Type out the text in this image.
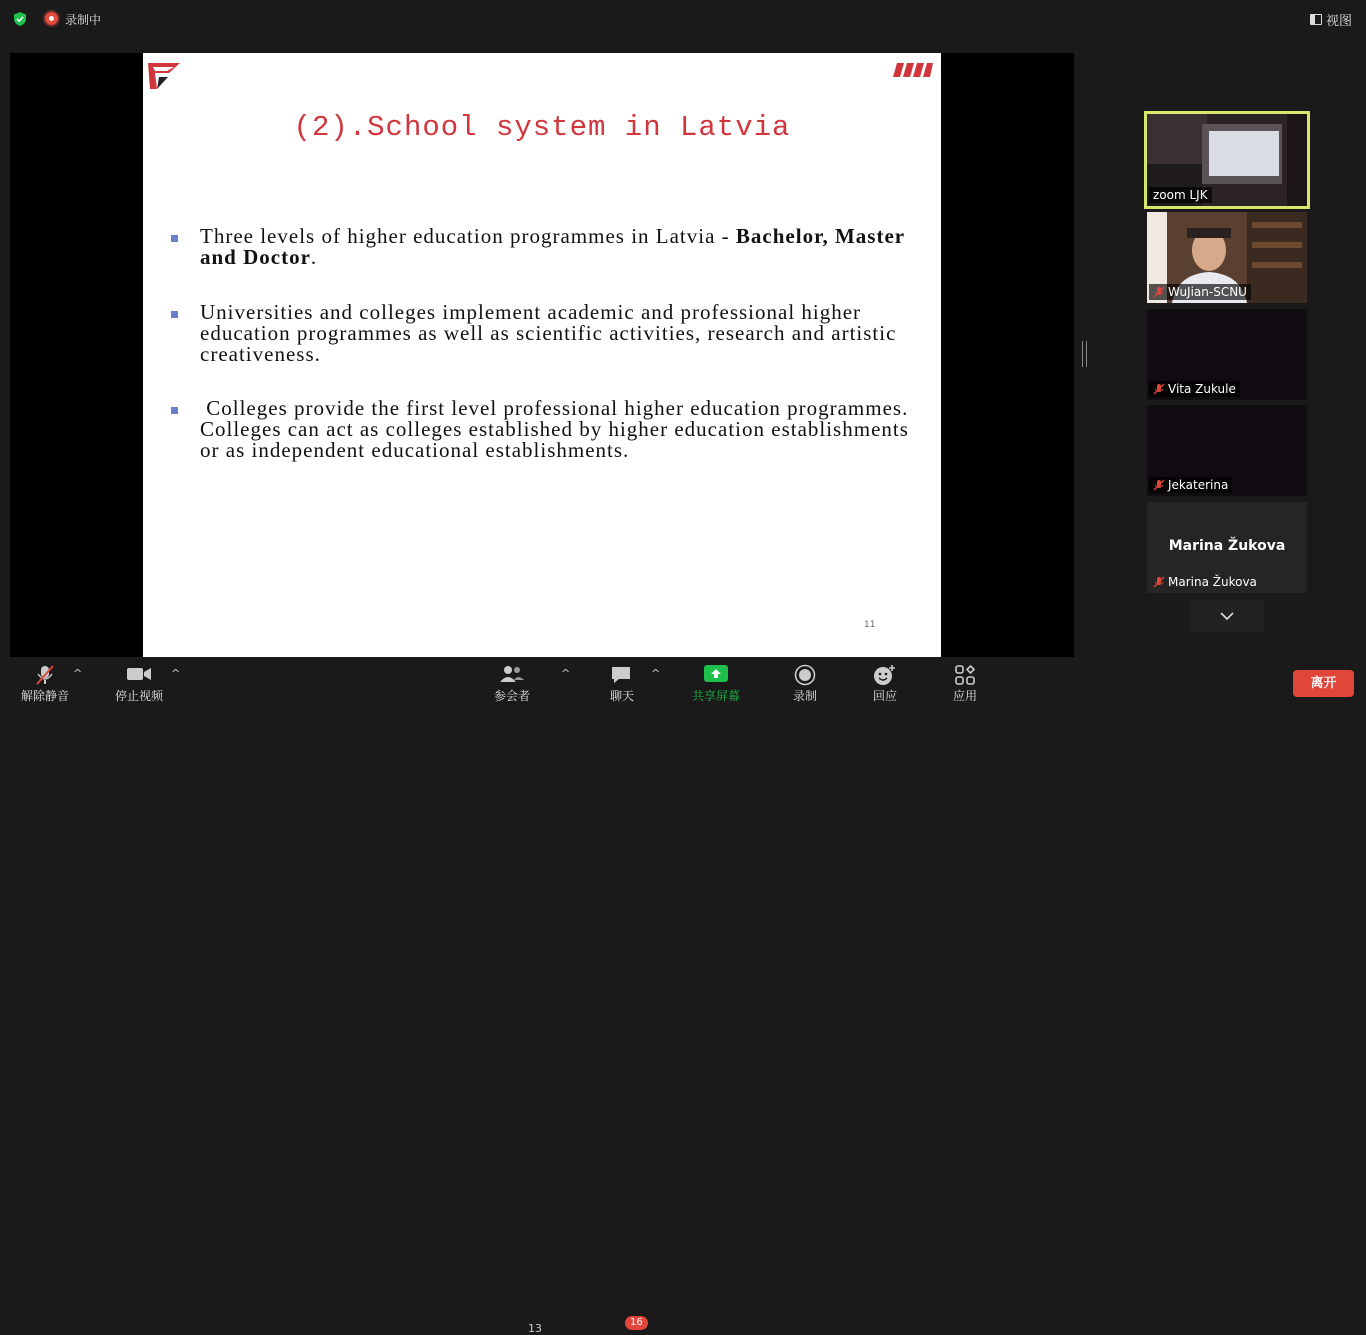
录制中	视图
(2).School system in Latvia
Three levels of higher education programmes in Latvia - Bachelor, Master and Doctor.
Universities and colleges implement academic and professional higher education programmes as well as scientific activities, research and artistic creativeness.
Colleges provide the first level professional higher education programmes. Colleges can act as colleges established by higher education establishments or as independent educational establishments.
11
zoom LJK
WuJian-SCNU
Vita Zukule
Jekaterina
Marina Žukova
Marina Žukova
解除静音
^
停止视频
^
参会者
13
^
聊天
16
^
共享屏幕	录制	回应	应用
离开
